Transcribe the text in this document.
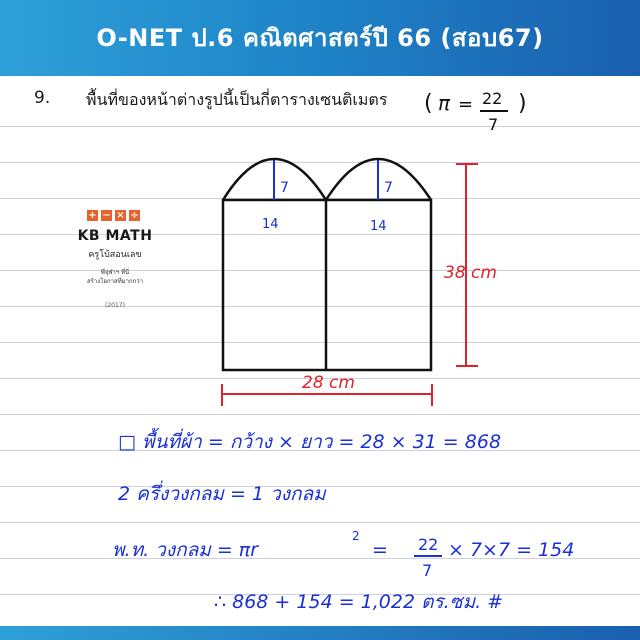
O-NET ป.6 คณิตศาสตร์ปี 66 (สอบ67)
9. พื้นที่ของหน้าต่างรูปนี้เป็นกี่ตารางเซนติเมตร
+ − × ÷
KB MATH
ครูโบ้สอนเลข
พี่จุฬาฯ ที่นี่
สร้างโอกาสที่มากกว่า
(2017)
( π = 22
7
)
7	7
14	14
38 cm
28 cm
□ พื้นที่ผ้า = กว้าง × ยาว = 28 × 31 = 868
2 ครึ่งวงกลม = 1 วงกลม
พ.ท. วงกลม = πr
2
= 22
7
× 7×7 = 154
∴ 868 + 154 = 1,022 ตร.ซม. #
